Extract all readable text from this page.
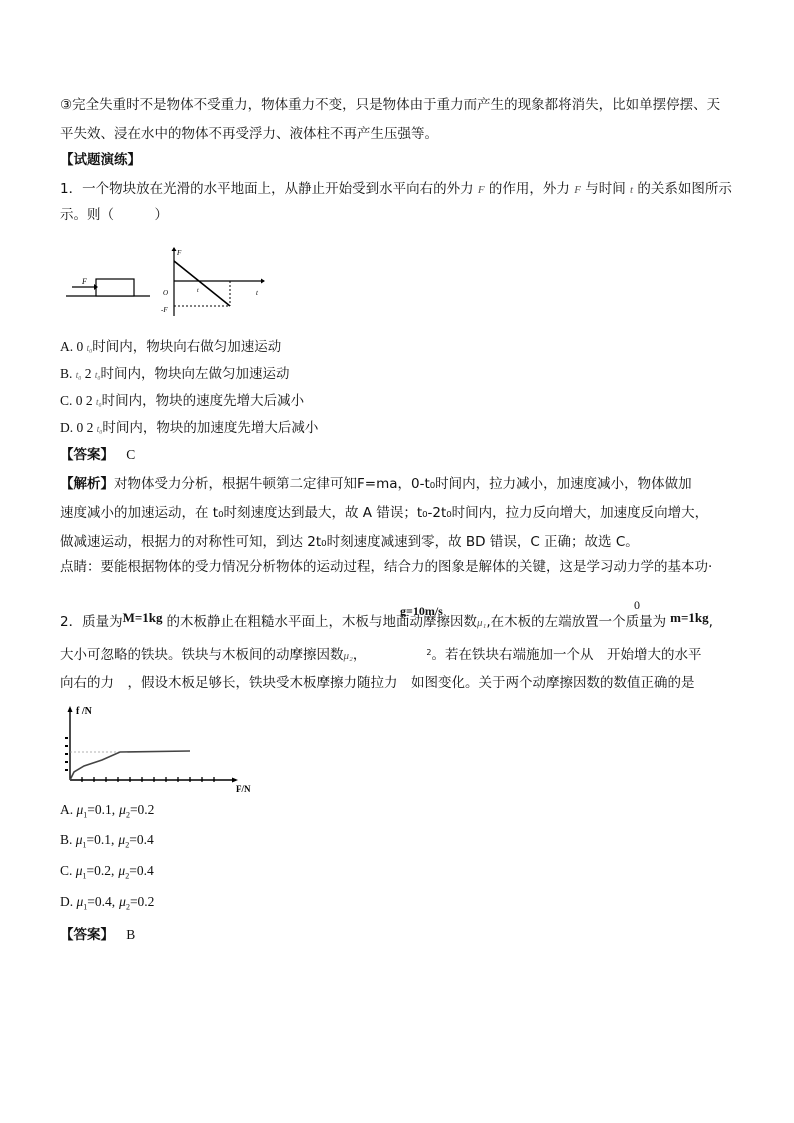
③完全失重时不是物体不受重力，物体重力不变，只是物体由于重力而产生的现象都将消失，比如单摆停摆、天
平失效、浸在水中的物体不再受浮力、液体柱不再产生压强等。
【试题演练】
1．一个物块放在光滑的水平地面上，从静止开始受到水平向右的外力 F 的作用，外力 F 与时间 t 的关系如图所示
示。则（　　　）
F
F
t
O
-F
t
A. 0 t₀时间内，物块向右做匀加速运动
B. t₀ 2 t₀时间内，物块向左做匀加速运动
C. 0 2 t₀时间内，物块的速度先增大后减小
D. 0 2 t₀时间内，物块的加速度先增大后减小
【答案】 C
【解析】对物体受力分析，根据牛顿第二定律可知F=ma，0-t₀时间内，拉力减小，加速度减小，物体做加
速度减小的加速运动，在 t₀时刻速度达到最大，故 A 错误；t₀-2t₀时间内，拉力反向增大，加速度反向增大，
做减速运动，根据力的对称性可知，到达 2t₀时刻速度减速到零，故 BD 错误，C 正确；故选 C。
点睛：要能根据物体的受力情况分析物体的运动过程，结合力的图象是解体的关键，这是学习动力学的基本功·
2．质量为M=1kg 的木板静止在粗糙水平面上，木板与地面动摩擦因数μ₁,在木板的左端放置一个质量为 m=1kg,
g=10m/s	0
大小可忽略的铁块。铁块与木板间的动摩擦因数μ₂，	$^2$。若在铁块右端施加一个从　开始增大的水平
向右的力　，假设木板足够长，铁块受木板摩擦力随拉力　如图变化。关于两个动摩擦因数的数值正确的是
f /N
F/N
A. $\mu_1=0.1$, $\mu_2=0.2$
B. $\mu_1=0.1$, $\mu_2=0.4$
C. $\mu_1=0.2$, $\mu_2=0.4$
D. $\mu_1=0.4$, $\mu_2=0.2$
【答案】 B
